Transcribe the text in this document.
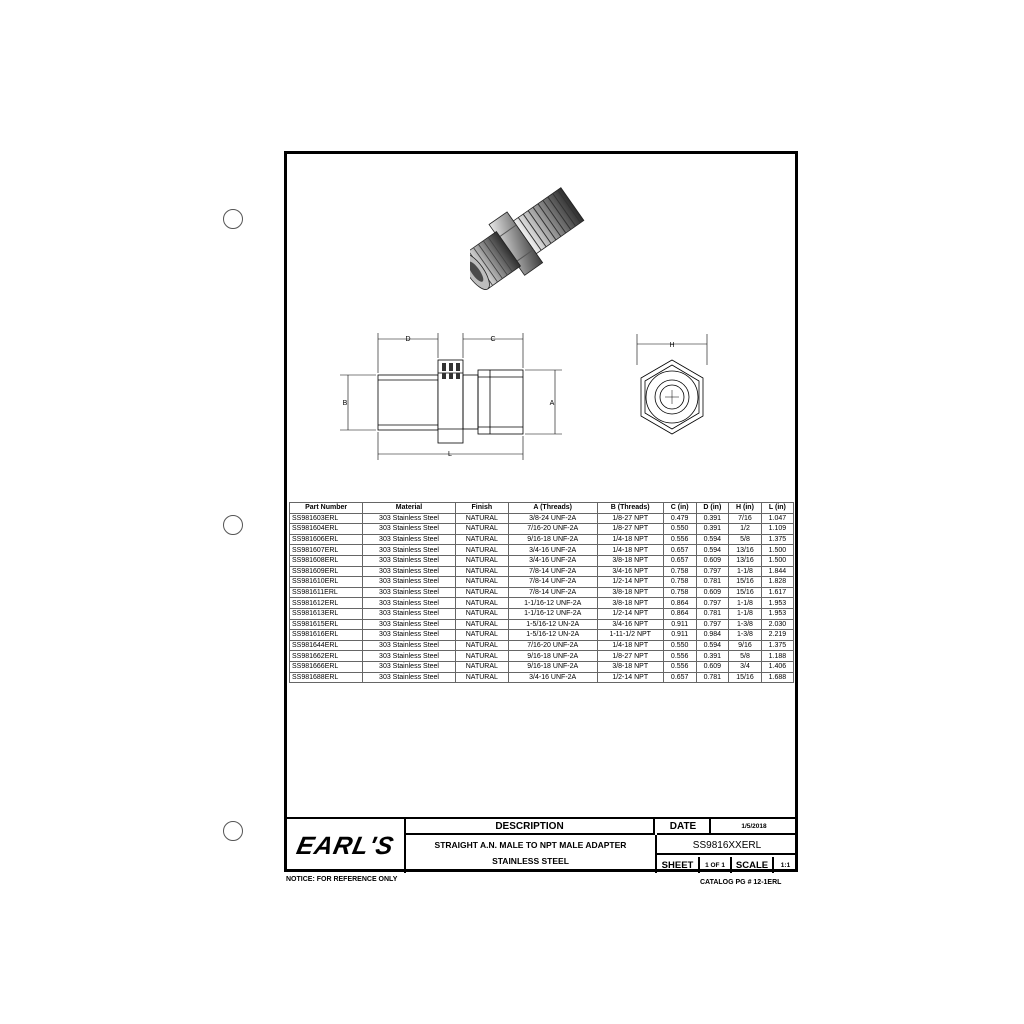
D	C
B	A
L
H
Part Number	Material	Finish	A (Threads)	B (Threads)	C (in)	D (in)	H (in)	L (in)
SS981603ERL	303 Stainless Steel	NATURAL	3/8-24 UNF-2A	1/8-27 NPT	0.479	0.391	7/16	1.047
SS981604ERL	303 Stainless Steel	NATURAL	7/16-20 UNF-2A	1/8-27 NPT	0.550	0.391	1/2	1.109
SS981606ERL	303 Stainless Steel	NATURAL	9/16-18 UNF-2A	1/4-18 NPT	0.556	0.594	5/8	1.375
SS981607ERL	303 Stainless Steel	NATURAL	3/4-16 UNF-2A	1/4-18 NPT	0.657	0.594	13/16	1.500
SS981608ERL	303 Stainless Steel	NATURAL	3/4-16 UNF-2A	3/8-18 NPT	0.657	0.609	13/16	1.500
SS981609ERL	303 Stainless Steel	NATURAL	7/8-14 UNF-2A	3/4-16 NPT	0.758	0.797	1-1/8	1.844
SS981610ERL	303 Stainless Steel	NATURAL	7/8-14 UNF-2A	1/2-14 NPT	0.758	0.781	15/16	1.828
SS981611ERL	303 Stainless Steel	NATURAL	7/8-14 UNF-2A	3/8-18 NPT	0.758	0.609	15/16	1.617
SS981612ERL	303 Stainless Steel	NATURAL	1-1/16-12 UNF-2A	3/8-18 NPT	0.864	0.797	1-1/8	1.953
SS981613ERL	303 Stainless Steel	NATURAL	1-1/16-12 UNF-2A	1/2-14 NPT	0.864	0.781	1-1/8	1.953
SS981615ERL	303 Stainless Steel	NATURAL	1-5/16-12 UN-2A	3/4-16 NPT	0.911	0.797	1-3/8	2.030
SS981616ERL	303 Stainless Steel	NATURAL	1-5/16-12 UN-2A	1-11-1/2 NPT	0.911	0.984	1-3/8	2.219
SS981644ERL	303 Stainless Steel	NATURAL	7/16-20 UNF-2A	1/4-18 NPT	0.550	0.594	9/16	1.375
SS981662ERL	303 Stainless Steel	NATURAL	9/16-18 UNF-2A	1/8-27 NPT	0.556	0.391	5/8	1.188
SS981666ERL	303 Stainless Steel	NATURAL	9/16-18 UNF-2A	3/8-18 NPT	0.556	0.609	3/4	1.406
SS981688ERL	303 Stainless Steel	NATURAL	3/4-16 UNF-2A	1/2-14 NPT	0.657	0.781	15/16	1.688
EARL'S
DESCRIPTION
STRAIGHT A.N. MALE TO NPT MALE ADAPTER
STAINLESS STEEL
DATE	1/5/2018
SS9816XXERL
SHEET	1 OF 1	SCALE	1:1
NOTICE: FOR REFERENCE ONLY	CATALOG PG # 12-1ERL
